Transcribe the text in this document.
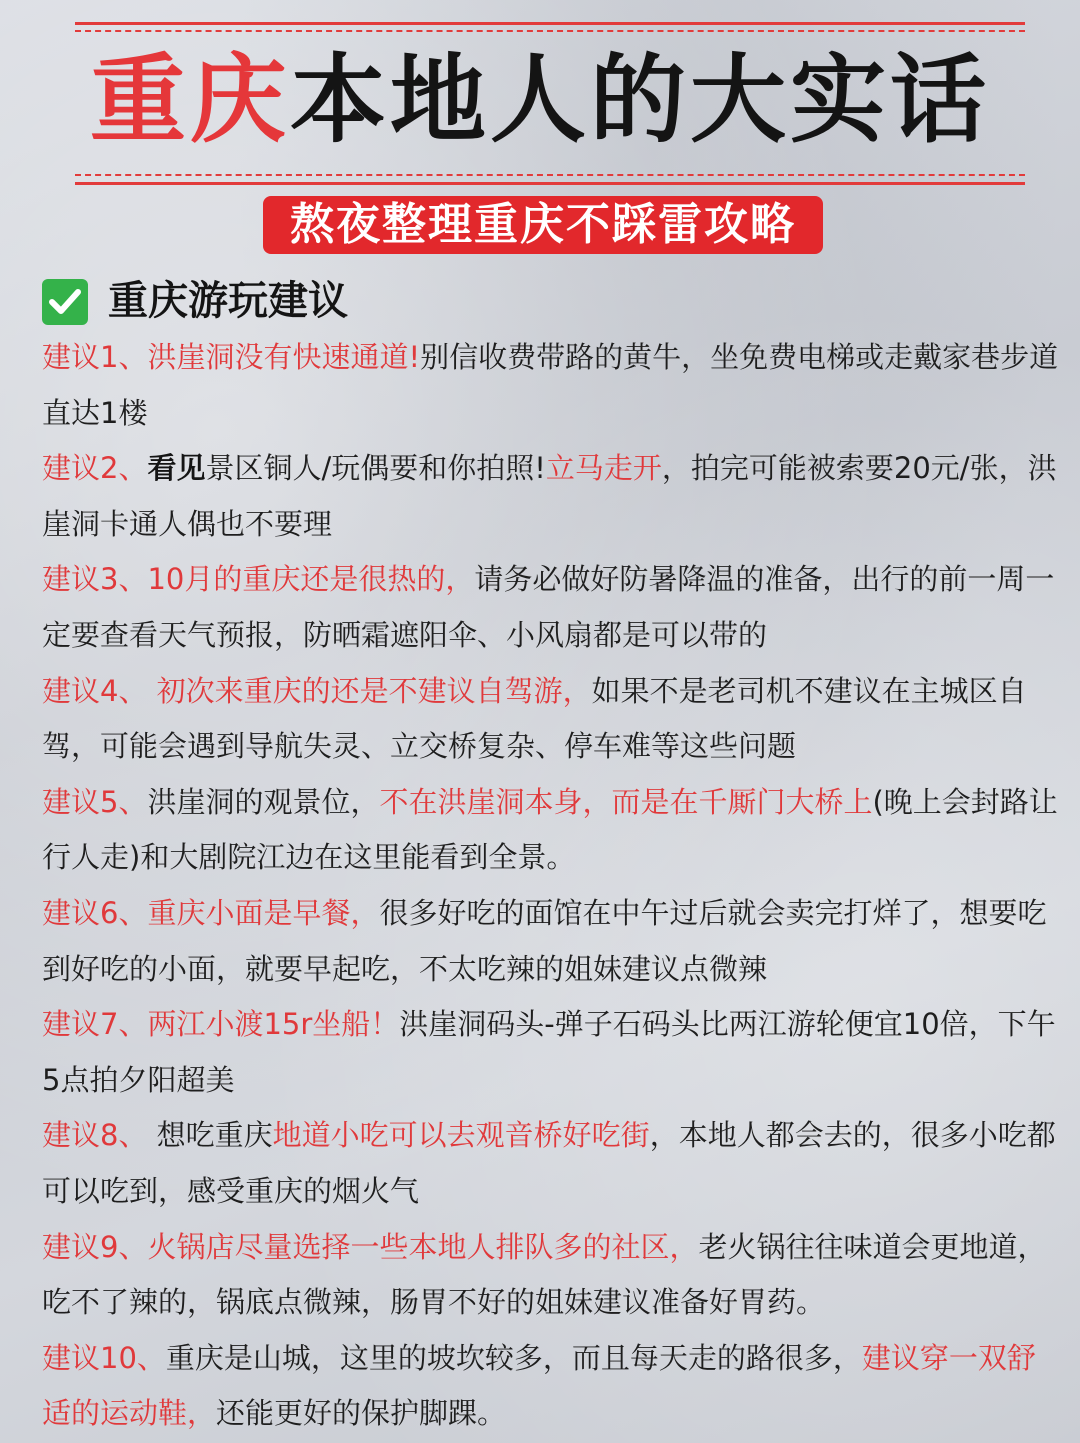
重庆本地人的大实话
熬夜整理重庆不踩雷攻略
重庆游玩建议
建议1、洪崖洞没有快速通道!别信收费带路的黄牛，坐免费电梯或走戴家巷步道直达1楼
建议2、看见景区铜人/玩偶要和你拍照!立马走开，拍完可能被索要20元/张，洪崖洞卡通人偶也不要理
建议3、10月的重庆还是很热的，请务必做好防暑降温的准备，出行的前一周一定要查看天气预报，防晒霜遮阳伞、小风扇都是可以带的
建议4、 初次来重庆的还是不建议自驾游，如果不是老司机不建议在主城区自驾，可能会遇到导航失灵、立交桥复杂、停车难等这些问题
建议5、洪崖洞的观景位，不在洪崖洞本身，而是在千厮门大桥上(晚上会封路让行人走)和大剧院江边在这里能看到全景。
建议6、重庆小面是早餐，很多好吃的面馆在中午过后就会卖完打烊了，想要吃到好吃的小面，就要早起吃，不太吃辣的姐妹建议点微辣
建议7、两江小渡15r坐船！洪崖洞码头-弹子石码头比两江游轮便宜10倍，下午5点拍夕阳超美
建议8、 想吃重庆地道小吃可以去观音桥好吃街，本地人都会去的，很多小吃都可以吃到，感受重庆的烟火气
建议9、火锅店尽量选择一些本地人排队多的社区，老火锅往往味道会更地道，吃不了辣的，锅底点微辣，肠胃不好的姐妹建议准备好胃药。
建议10、重庆是山城，这里的坡坎较多，而且每天走的路很多，建议穿一双舒适的运动鞋，还能更好的保护脚踝。
